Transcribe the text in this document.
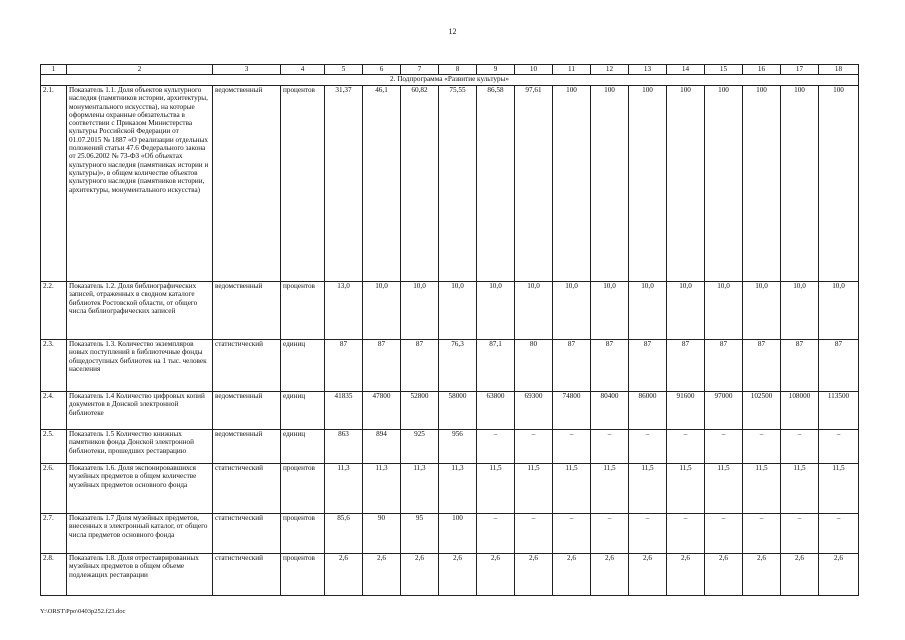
12
1	2	3	4	5	6	7	8	9	10	11	12	13	14	15	16	17	18
2. Подпрограмма «Развитие культуры»																	
2.1.	Показатель 1.1. Доля объектов культурного наследия (памятников истории, архитектуры, монументального искусства), на которые оформлены охранные обязательства в соответствии с Приказом Министерства культуры Российской Федерации от 01.07.2015 № 1887 «О реализации отдельных положений статьи 47.6 Федерального закона от 25.06.2002 № 73-ФЗ «Об объектах культурного наследия (памятниках истории и культуры)», в общем количестве объектов культурного наследия (памятников истории, архитектуры, монументального искусства)	ведомственный	процентов	31,37	46,1	60,82	75,55	86,58	97,61	100	100	100	100	100	100	100	100
2.2.	Показатель 1.2. Доля библиографических записей, отраженных в сводном каталоге библиотек Ростовской области, от общего числа библиографических записей	ведомственный	процентов	13,0	10,0	10,0	10,0	10,0	10,0	10,0	10,0	10,0	10,0	10,0	10,0	10,0	10,0
2.3.	Показатель 1.3. Количество экземпляров новых поступлений в библиотечные фонды общедоступных библиотек на 1 тыс. человек населения	статистический	единиц	87	87	87	76,3	87,1	80	87	87	87	87	87	87	87	87
2.4.	Показатель 1.4 Количество цифровых копий документов в Донской электронной библиотеке	ведомственный	единиц	41835	47800	52800	58000	63800	69300	74800	80400	86000	91600	97000	102500	108000	113500
2.5.	Показатель 1.5 Количество книжных памятников фонда Донской электронной библиотеки, прошедших реставрацию	ведомственный	единиц	863	894	925	956	–	–	–	–	–	–	–	–	–	–
2.6.	Показатель 1.6. Доля экспонировавшихся музейных предметов в общем количестве музейных предметов основного фонда	статистический	процентов	11,3	11,3	11,3	11,3	11,5	11,5	11,5	11,5	11,5	11,5	11,5	11,5	11,5	11,5
2.7.	Показатель 1.7 Доля музейных предметов, внесенных в электронный каталог, от общего числа предметов основного фонда	статистический	процентов	85,6	90	95	100	–	–	–	–	–	–	–	–	–	–
2.8.	Показатель 1.8. Доля отреставрированных музейных предметов в общем объеме подлежащих реставрации	статистический	процентов	2,6	2,6	2,6	2,6	2,6	2,6	2,6	2,6	2,6	2,6	2,6	2,6	2,6	2,6
Y:\ORST\Ppo\0403p252.f23.doc
